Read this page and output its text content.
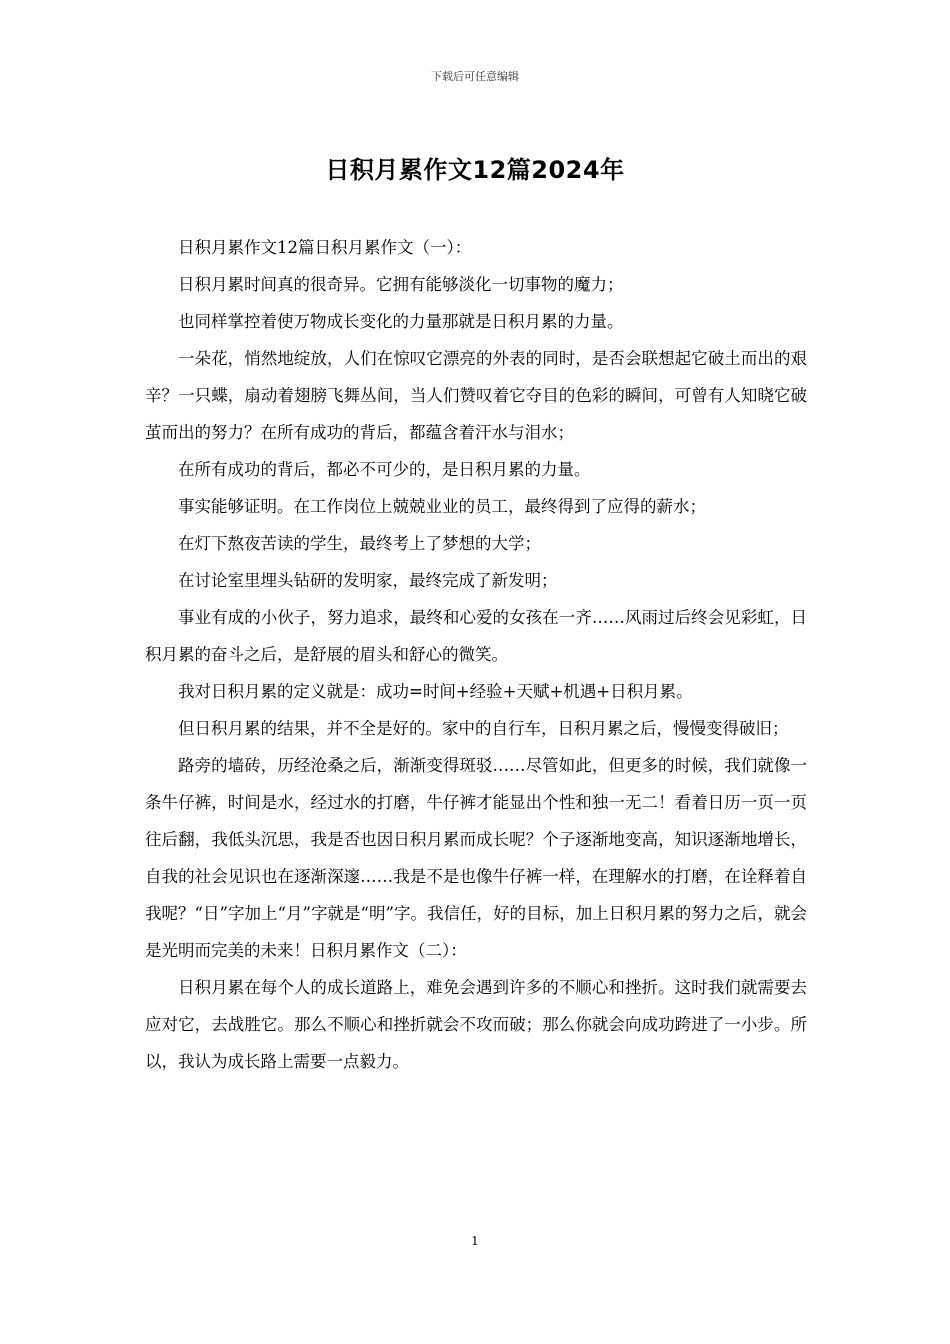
下载后可任意编辑
日积月累作文12篇2024年

日积月累作文12篇日积月累作文（一）：

日积月累时间真的很奇异。它拥有能够淡化一切事物的魔力；

也同样掌控着使万物成长变化的力量那就是日积月累的力量。

一朵花，悄然地绽放，人们在惊叹它漂亮的外表的同时，是否会联想起它破土而出的艰辛？一只蝶，扇动着翅膀飞舞丛间，当人们赞叹着它夺目的色彩的瞬间，可曾有人知晓它破茧而出的努力？在所有成功的背后，都蕴含着汗水与泪水；

在所有成功的背后，都必不可少的，是日积月累的力量。

事实能够证明。在工作岗位上兢兢业业的员工，最终得到了应得的薪水；

在灯下熬夜苦读的学生，最终考上了梦想的大学；

在讨论室里埋头钻研的发明家，最终完成了新发明；

事业有成的小伙子，努力追求，最终和心爱的女孩在一齐……风雨过后终会见彩虹，日积月累的奋斗之后，是舒展的眉头和舒心的微笑。

我对日积月累的定义就是：成功=时间+经验+天赋+机遇+日积月累。

但日积月累的结果，并不全是好的。家中的自行车，日积月累之后，慢慢变得破旧；

路旁的墙砖，历经沧桑之后，渐渐变得斑驳……尽管如此，但更多的时候，我们就像一条牛仔裤，时间是水，经过水的打磨，牛仔裤才能显出个性和独一无二！看着日历一页一页往后翻，我低头沉思，我是否也因日积月累而成长呢？个子逐渐地变高，知识逐渐地增长，自我的社会见识也在逐渐深邃……我是不是也像牛仔裤一样，在理解水的打磨，在诠释着自我呢？“日”字加上“月”字就是“明”字。我信任，好的目标，加上日积月累的努力之后，就会是光明而完美的未来！日积月累作文（二）：

日积月累在每个人的成长道路上，难免会遇到许多的不顺心和挫折。这时我们就需要去应对它，去战胜它。那么不顺心和挫折就会不攻而破；那么你就会向成功跨进了一小步。所以，我认为成长路上需要一点毅力。

1
